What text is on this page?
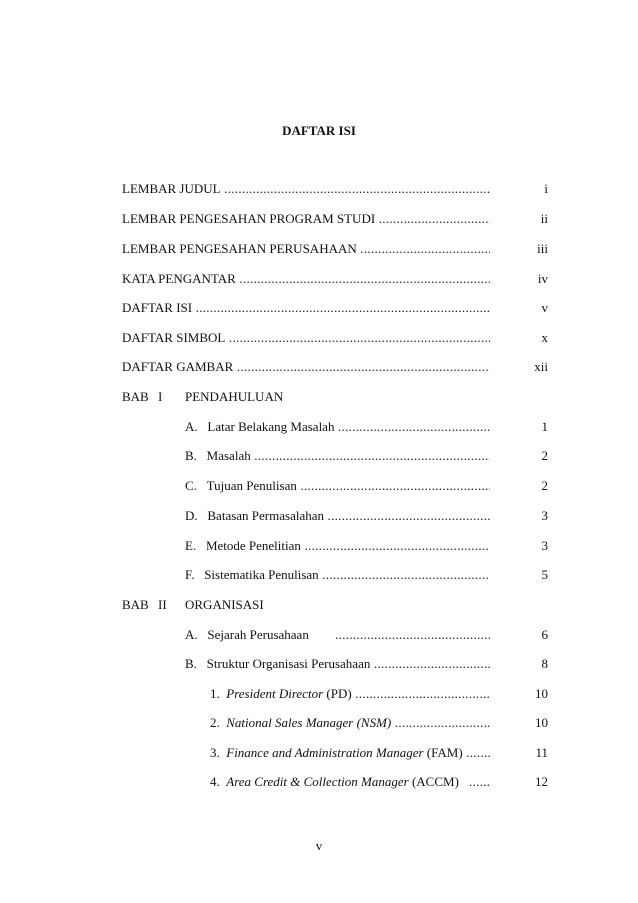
DAFTAR ISI
LEMBAR JUDUL .....	i
LEMBAR PENGESAHAN PROGRAM STUDI .....	ii
LEMBAR PENGESAHAN PERUSAHAAN .....	iii
KATA PENGANTAR .....	iv
DAFTAR ISI .....	v
DAFTAR SIMBOL .....	x
DAFTAR GAMBAR .....	xii
BAB I PENDAHULUAN
A. Latar Belakang Masalah .....	1
B. Masalah .....	2
C. Tujuan Penulisan .....	2
D. Batasan Permasalahan .....	3
E. Metode Penelitian .....	3
F. Sistematika Penulisan .....	5
BAB II ORGANISASI
A. Sejarah Perusahaan        .....	6
B. Struktur Organisasi Perusahaan .....	8
1. President Director (PD) .....	10
2. National Sales Manager (NSM) .....	10
3. Finance and Administration Manager (FAM) .....	11
4. Area Credit & Collection Manager (ACCM)   .....	12
v
